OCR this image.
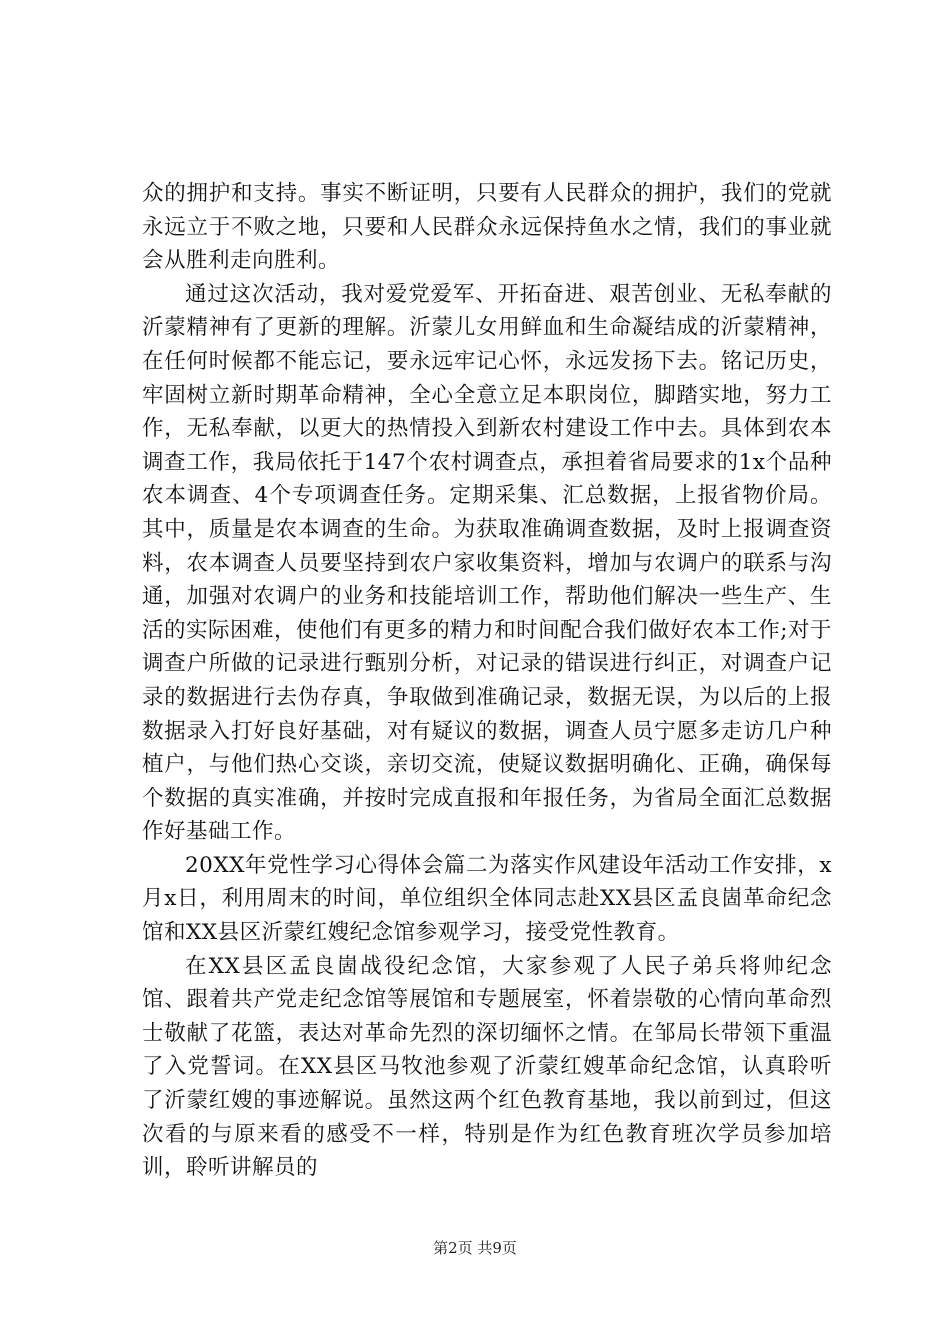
众的拥护和支持。事实不断证明，只要有人民群众的拥护，我们的党就永远立于不败之地，只要和人民群众永远保持鱼水之情，我们的事业就会从胜利走向胜利。

通过这次活动，我对爱党爱军、开拓奋进、艰苦创业、无私奉献的沂蒙精神有了更新的理解。沂蒙儿女用鲜血和生命凝结成的沂蒙精神，在任何时候都不能忘记，要永远牢记心怀，永远发扬下去。铭记历史，牢固树立新时期革命精神，全心全意立足本职岗位，脚踏实地，努力工作，无私奉献，以更大的热情投入到新农村建设工作中去。具体到农本调查工作，我局依托于147个农村调查点，承担着省局要求的1x个品种农本调查、4个专项调查任务。定期采集、汇总数据，上报省物价局。其中，质量是农本调查的生命。为获取准确调查数据，及时上报调查资料，农本调查人员要坚持到农户家收集资料，增加与农调户的联系与沟通，加强对农调户的业务和技能培训工作，帮助他们解决一些生产、生活的实际困难，使他们有更多的精力和时间配合我们做好农本工作;对于调查户所做的记录进行甄别分析，对记录的错误进行纠正，对调查户记录的数据进行去伪存真，争取做到准确记录，数据无误，为以后的上报数据录入打好良好基础，对有疑议的数据，调查人员宁愿多走访几户种植户，与他们热心交谈，亲切交流，使疑议数据明确化、正确，确保每个数据的真实准确，并按时完成直报和年报任务，为省局全面汇总数据作好基础工作。

20XX年党性学习心得体会篇二为落实作风建设年活动工作安排，x月x日，利用周末的时间，单位组织全体同志赴XX县区孟良崮革命纪念馆和XX县区沂蒙红嫂纪念馆参观学习，接受党性教育。

在XX县区孟良崮战役纪念馆，大家参观了人民子弟兵将帅纪念馆、跟着共产党走纪念馆等展馆和专题展室，怀着崇敬的心情向革命烈士敬献了花篮，表达对革命先烈的深切缅怀之情。在邹局长带领下重温了入党誓词。在XX县区马牧池参观了沂蒙红嫂革命纪念馆，认真聆听了沂蒙红嫂的事迹解说。虽然这两个红色教育基地，我以前到过，但这次看的与原来看的感受不一样，特别是作为红色教育班次学员参加培训，聆听讲解员的

第2页 共9页
